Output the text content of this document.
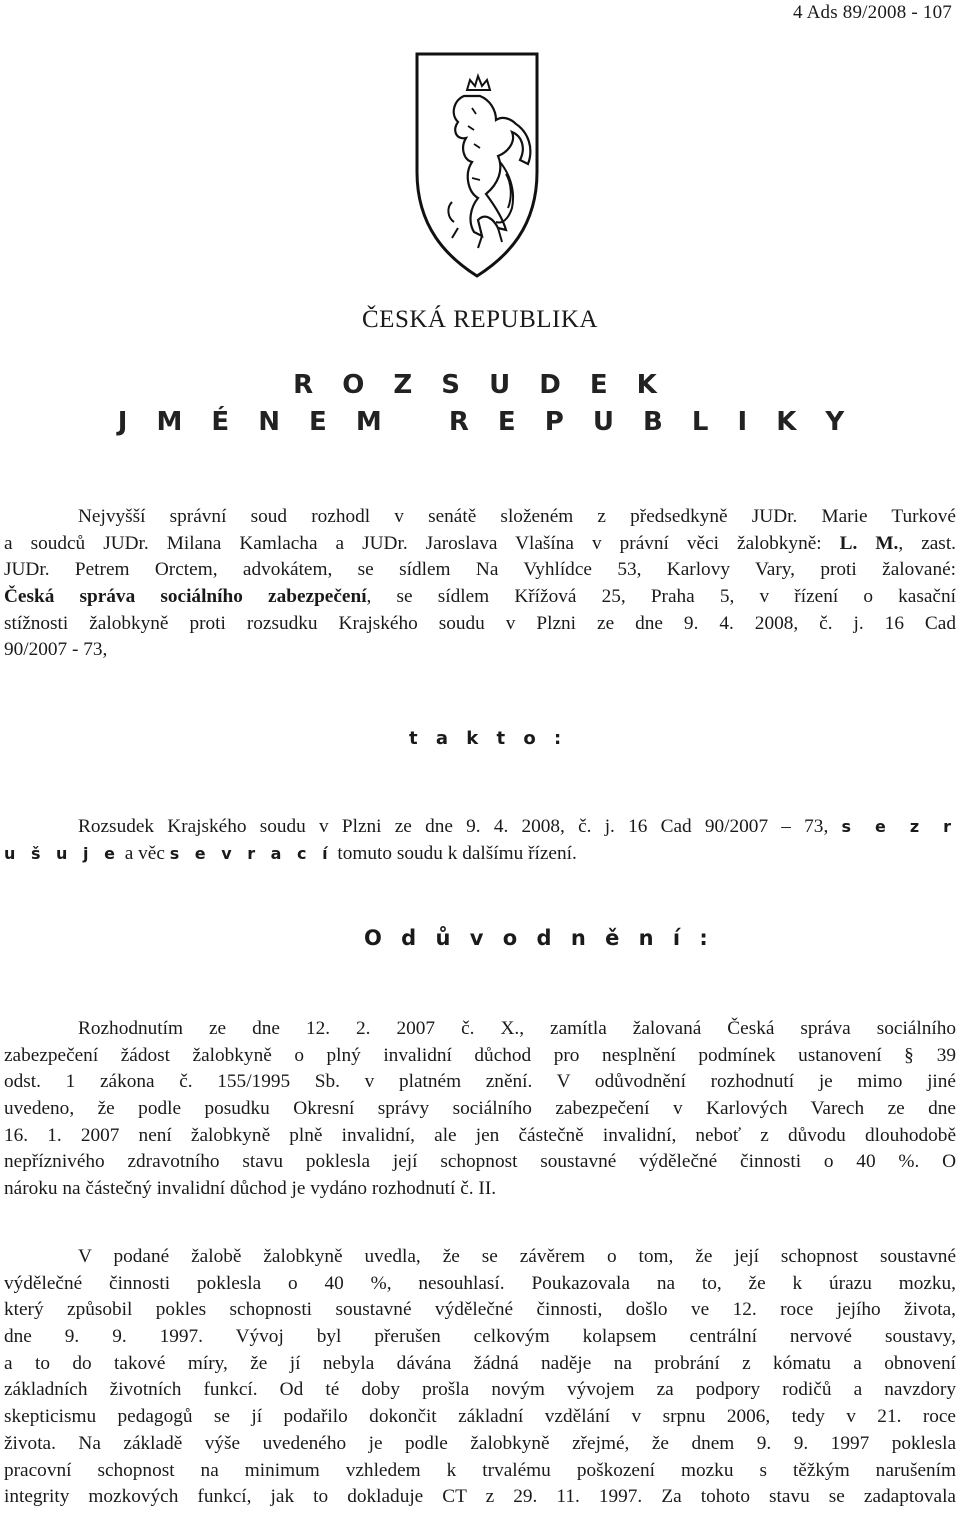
4 Ads 89/2008 - 107
ČESKÁ REPUBLIKA
R O Z S U D E K
J M É N E M   R E P U B L I K Y

Nejvyšší správní soud rozhodl v senátě složeném z předsedkyně JUDr. Marie Turkové

a soudců JUDr. Milana Kamlacha a JUDr. Jaroslava Vlašína v právní věci žalobkyně: L. M., zast.

JUDr. Petrem Orctem, advokátem, se sídlem Na Vyhlídce 53, Karlovy Vary, proti žalované:

Česká správa sociálního zabezpečení, se sídlem Křížová 25, Praha 5, v řízení o kasační

stížnosti žalobkyně proti rozsudku Krajského soudu v Plzni ze dne 9. 4. 2008, č. j. 16 Cad

90/2007 - 73,

t a k t o :

Rozsudek Krajského soudu v Plzni ze dne 9. 4. 2008, č. j. 16 Cad 90/2007 – 73, s e z r

u š u j e a věc s e v r a c í tomuto soudu k dalšímu řízení.

O d ů v o d n ě n í :

Rozhodnutím ze dne 12. 2. 2007 č. X., zamítla žalovaná Česká správa sociálního

zabezpečení žádost žalobkyně o plný invalidní důchod pro nesplnění podmínek ustanovení § 39

odst. 1 zákona č. 155/1995 Sb. v platném znění. V odůvodnění rozhodnutí je mimo jiné

uvedeno, že podle posudku Okresní správy sociálního zabezpečení v Karlových Varech ze dne

16. 1. 2007 není žalobkyně plně invalidní, ale jen částečně invalidní, neboť z důvodu dlouhodobě

nepříznivého zdravotního stavu poklesla její schopnost soustavné výdělečné činnosti o 40 %. O

nároku na částečný invalidní důchod je vydáno rozhodnutí č. II.

V podané žalobě žalobkyně uvedla, že se závěrem o tom, že její schopnost soustavné

výdělečné činnosti poklesla o 40 %, nesouhlasí. Poukazovala na to, že k úrazu mozku,

který způsobil pokles schopnosti soustavné výdělečné činnosti, došlo ve 12. roce jejího života,

dne 9. 9. 1997. Vývoj byl přerušen celkovým kolapsem centrální nervové soustavy,

a to do takové míry, že jí nebyla dávána žádná naděje na probrání z kómatu a obnovení

základních životních funkcí. Od té doby prošla novým vývojem za podpory rodičů a navzdory

skepticismu pedagogů se jí podařilo dokončit základní vzdělání v srpnu 2006, tedy v 21. roce

života. Na základě výše uvedeného je podle žalobkyně zřejmé, že dnem 9. 9. 1997 poklesla

pracovní schopnost na minimum vzhledem k trvalému poškození mozku s těžkým narušením

integrity mozkových funkcí, jak to dokladuje CT z 29. 11. 1997. Za tohoto stavu se zadaptovala
